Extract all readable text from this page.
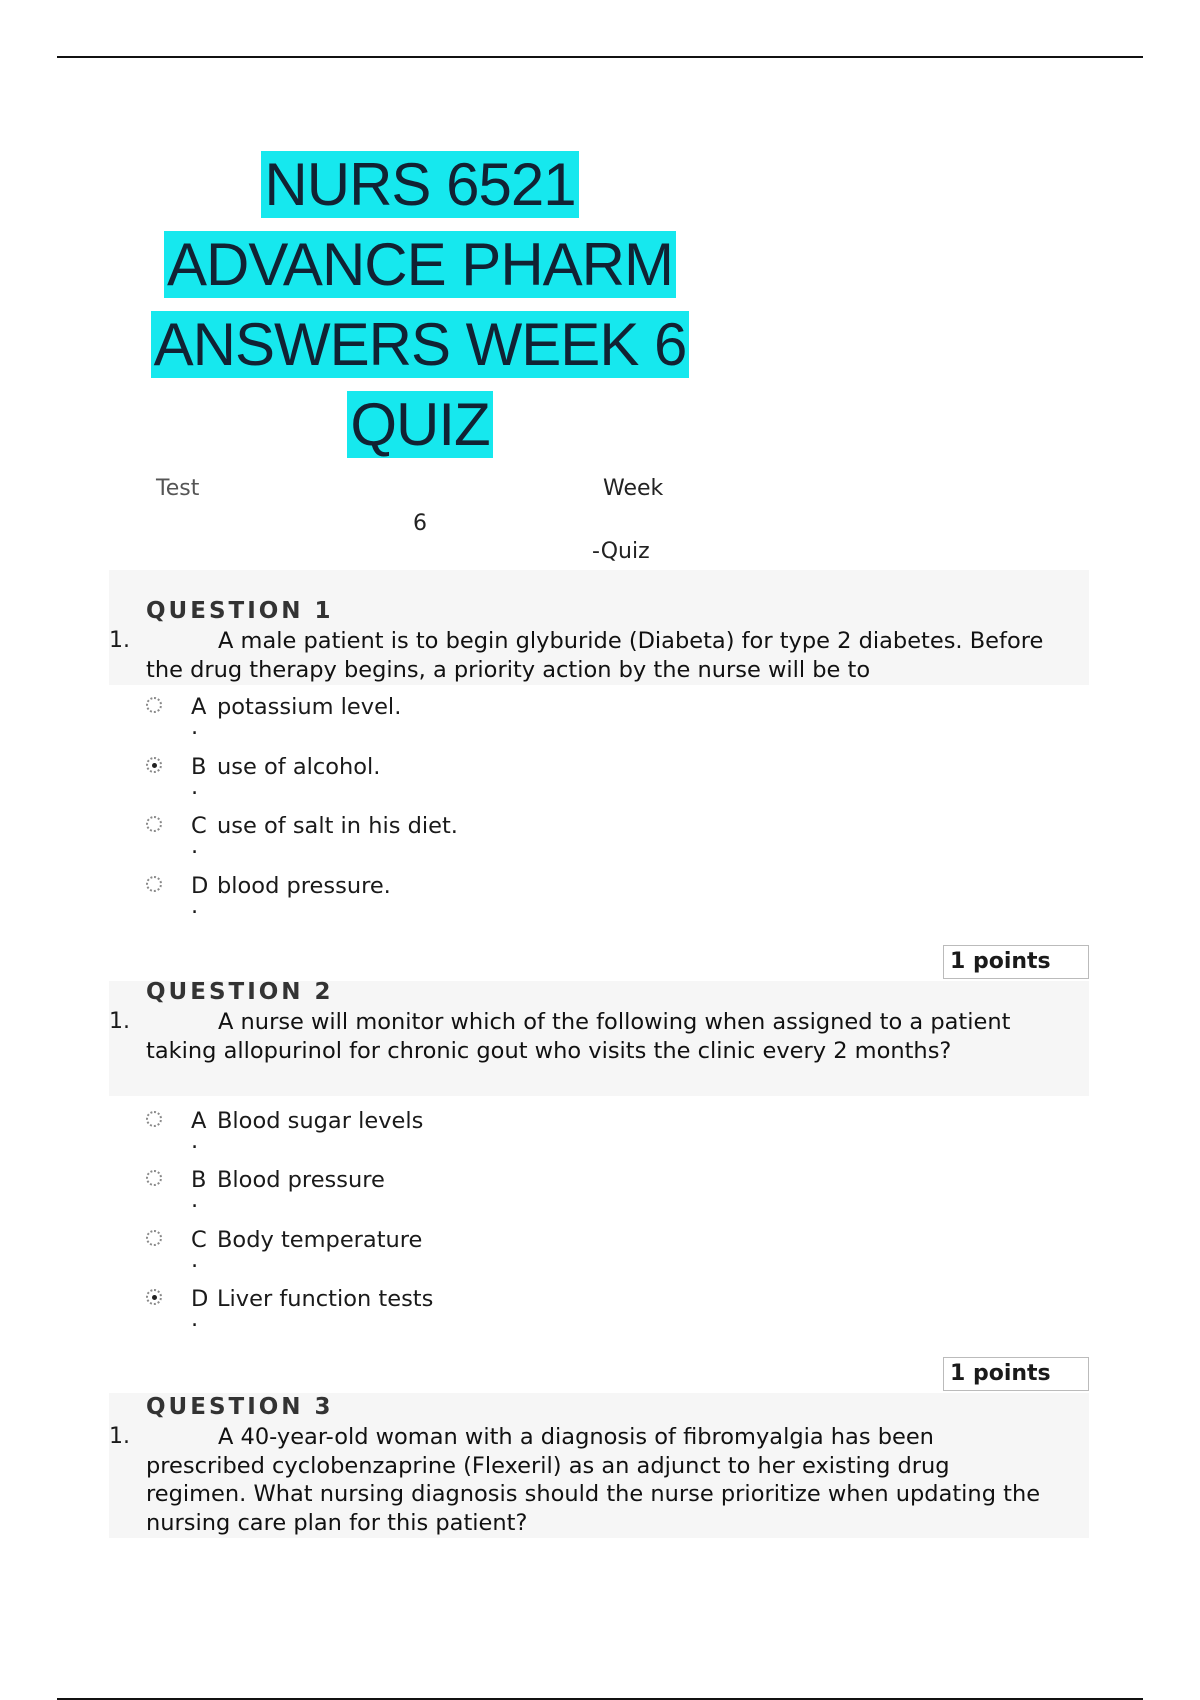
NURS 6521
ADVANCE PHARM
ANSWERS WEEK 6
QUIZ
Test	Week
6
-Quiz
QUESTION 1
1.	A male patient is to begin glyburide (Diabeta) for type 2 diabetes. Before the drug therapy begins, a priority action by the nurse will be to
A potassium level.
.
B use of alcohol.
.
C use of salt in his diet.
.
D blood pressure.
.
1 points
QUESTION 2
1.	A nurse will monitor which of the following when assigned to a patient taking allopurinol for chronic gout who visits the clinic every 2 months?
A Blood sugar levels
.
B Blood pressure
.
C Body temperature
.
D Liver function tests
.
1 points
QUESTION 3
1.	A 40-year-old woman with a diagnosis of fibromyalgia has been prescribed cyclobenzaprine (Flexeril) as an adjunct to her existing drug regimen. What nursing diagnosis should the nurse prioritize when updating the nursing care plan for this patient?
